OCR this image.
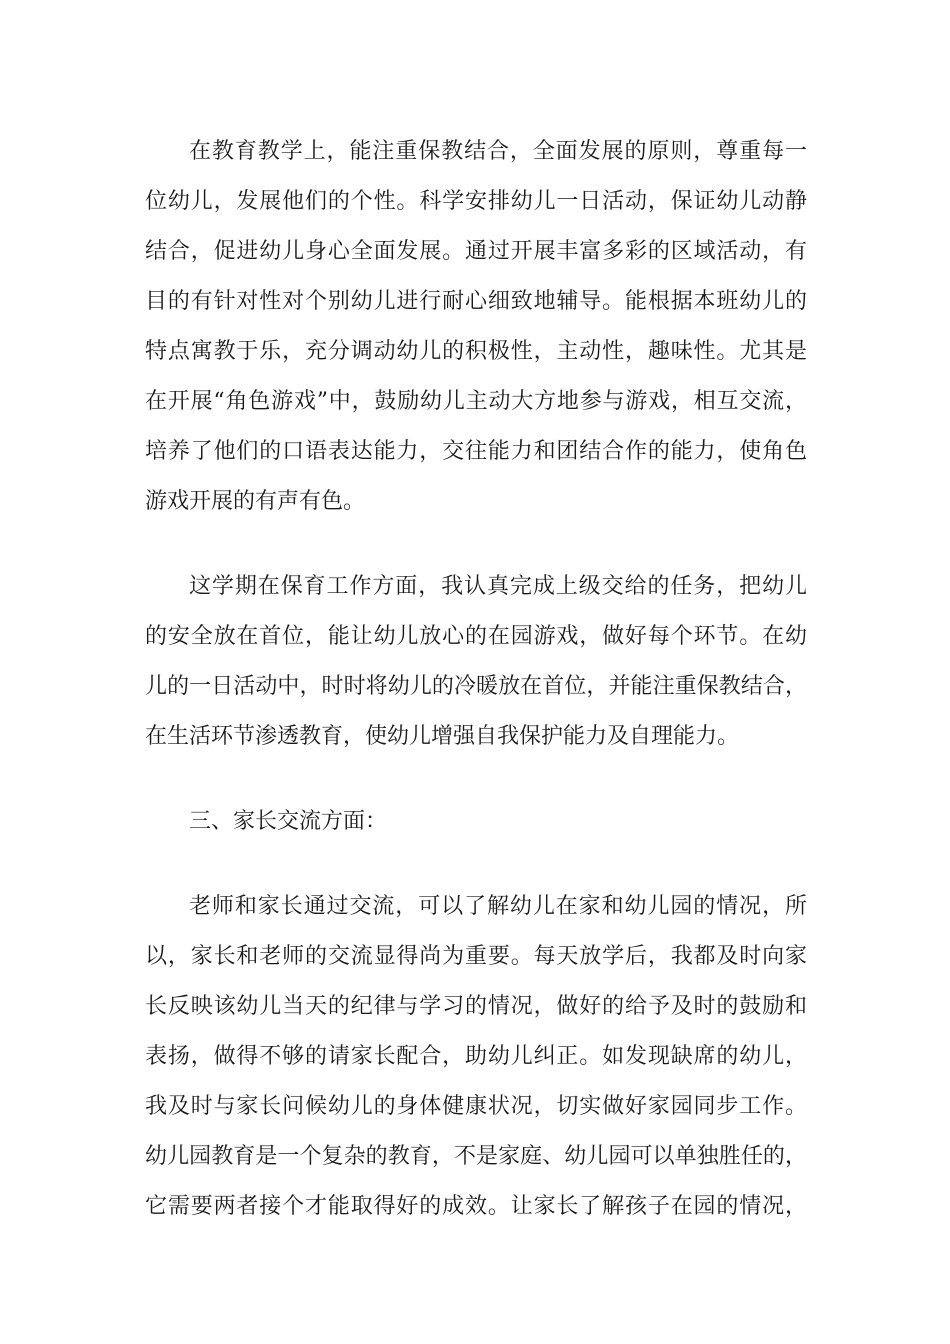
在教育教学上，能注重保教结合，全面发展的原则，尊重每一
位幼儿，发展他们的个性。科学安排幼儿一日活动，保证幼儿动静
结合，促进幼儿身心全面发展。通过开展丰富多彩的区域活动，有
目的有针对性对个别幼儿进行耐心细致地辅导。能根据本班幼儿的
特点寓教于乐，充分调动幼儿的积极性，主动性，趣味性。尤其是
在开展“角色游戏”中，鼓励幼儿主动大方地参与游戏，相互交流，
培养了他们的口语表达能力，交往能力和团结合作的能力，使角色
游戏开展的有声有色。
这学期在保育工作方面，我认真完成上级交给的任务，把幼儿
的安全放在首位，能让幼儿放心的在园游戏，做好每个环节。在幼
儿的一日活动中，时时将幼儿的冷暖放在首位，并能注重保教结合，
在生活环节渗透教育，使幼儿增强自我保护能力及自理能力。
三、家长交流方面：
老师和家长通过交流，可以了解幼儿在家和幼儿园的情况，所
以，家长和老师的交流显得尚为重要。每天放学后，我都及时向家
长反映该幼儿当天的纪律与学习的情况，做好的给予及时的鼓励和
表扬，做得不够的请家长配合，助幼儿纠正。如发现缺席的幼儿，
我及时与家长问候幼儿的身体健康状况，切实做好家园同步工作。
幼儿园教育是一个复杂的教育，不是家庭、幼儿园可以单独胜任的，
它需要两者接个才能取得好的成效。让家长了解孩子在园的情况，
